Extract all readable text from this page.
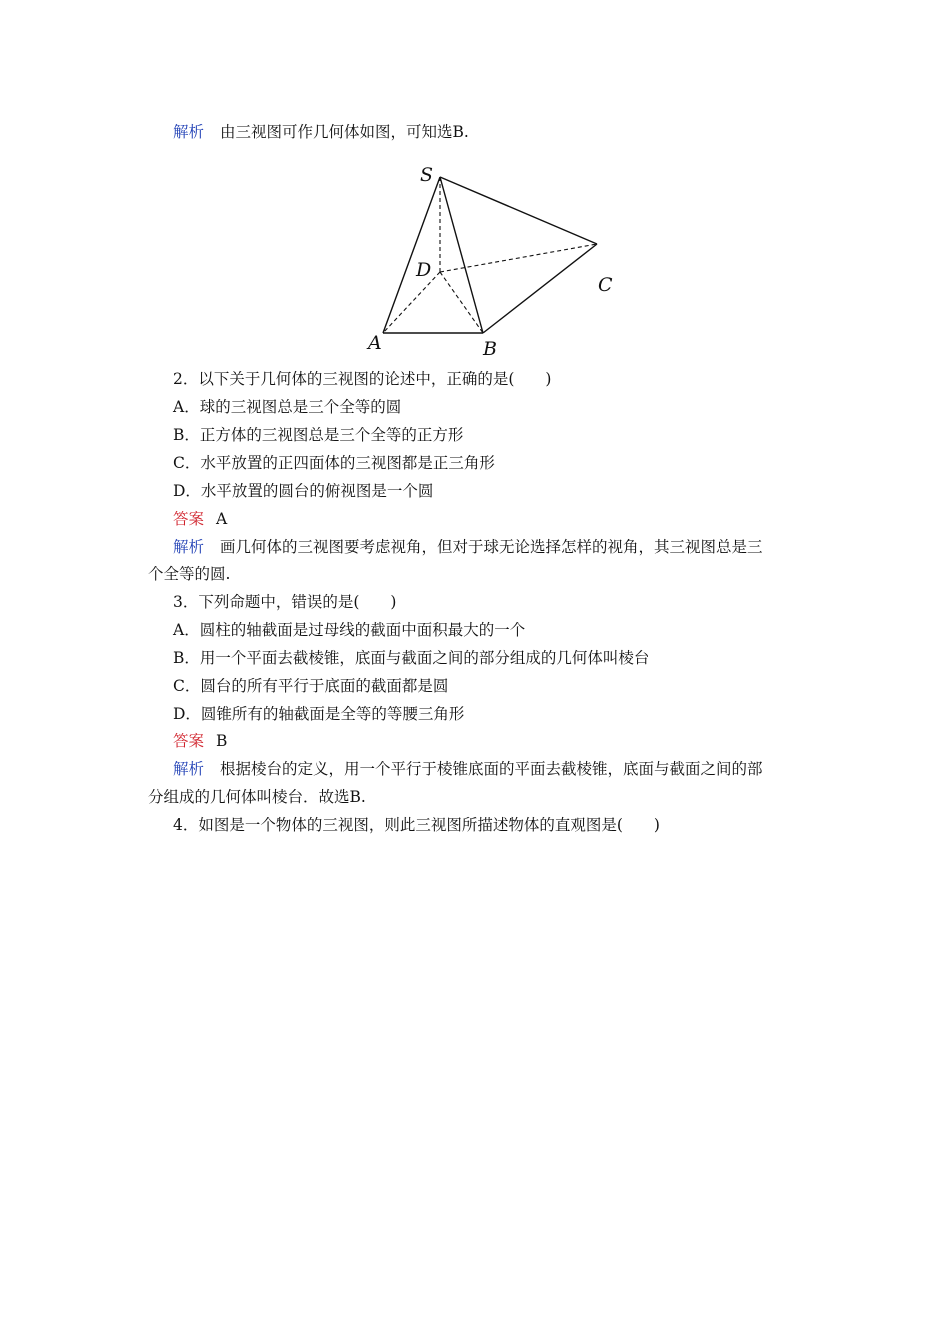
解析 由三视图可作几何体如图，可知选B.
S
D
C
A	B
2．以下关于几何体的三视图的论述中，正确的是(　　)
A．球的三视图总是三个全等的圆
B．正方体的三视图总是三个全等的正方形
C．水平放置的正四面体的三视图都是正三角形
D．水平放置的圆台的俯视图是一个圆
答案 A
解析 画几何体的三视图要考虑视角，但对于球无论选择怎样的视角，其三视图总是三
个全等的圆.
3．下列命题中，错误的是(　　)
A．圆柱的轴截面是过母线的截面中面积最大的一个
B．用一个平面去截棱锥，底面与截面之间的部分组成的几何体叫棱台
C．圆台的所有平行于底面的截面都是圆
D．圆锥所有的轴截面是全等的等腰三角形
答案 B
解析 根据棱台的定义，用一个平行于棱锥底面的平面去截棱锥，底面与截面之间的部
分组成的几何体叫棱台．故选B.
4．如图是一个物体的三视图，则此三视图所描述物体的直观图是(　　)
